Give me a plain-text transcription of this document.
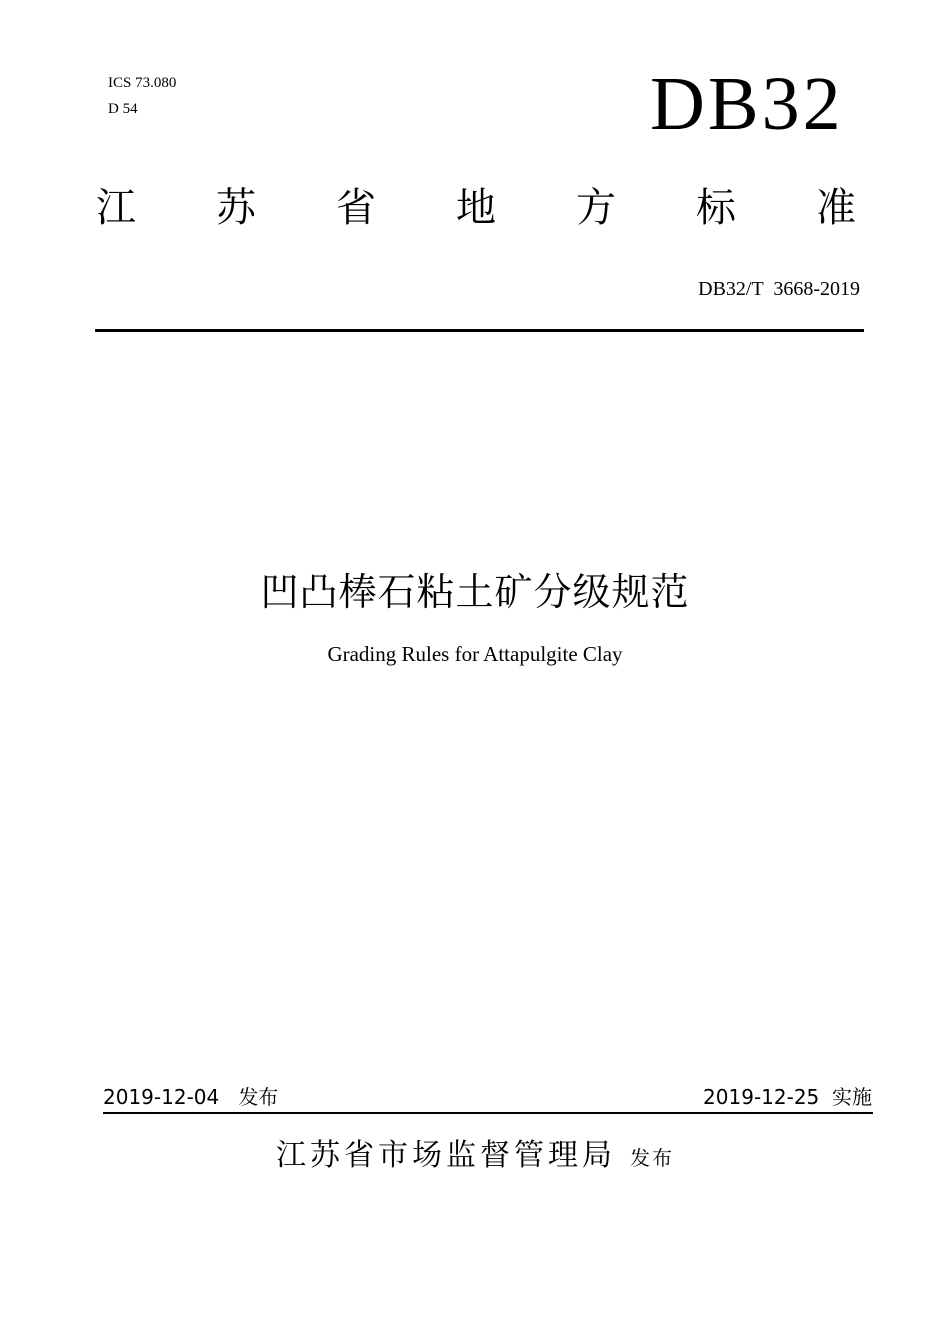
ICS 73.080
D 54	DB32
江 苏 省 地 方 标 准
DB32/T  3668-2019
凹凸棒石粘土矿分级规范
Grading Rules for Attapulgite Clay
2019-12-04 发布	2019-12-25 实施
江苏省市场监督管理局 发布
